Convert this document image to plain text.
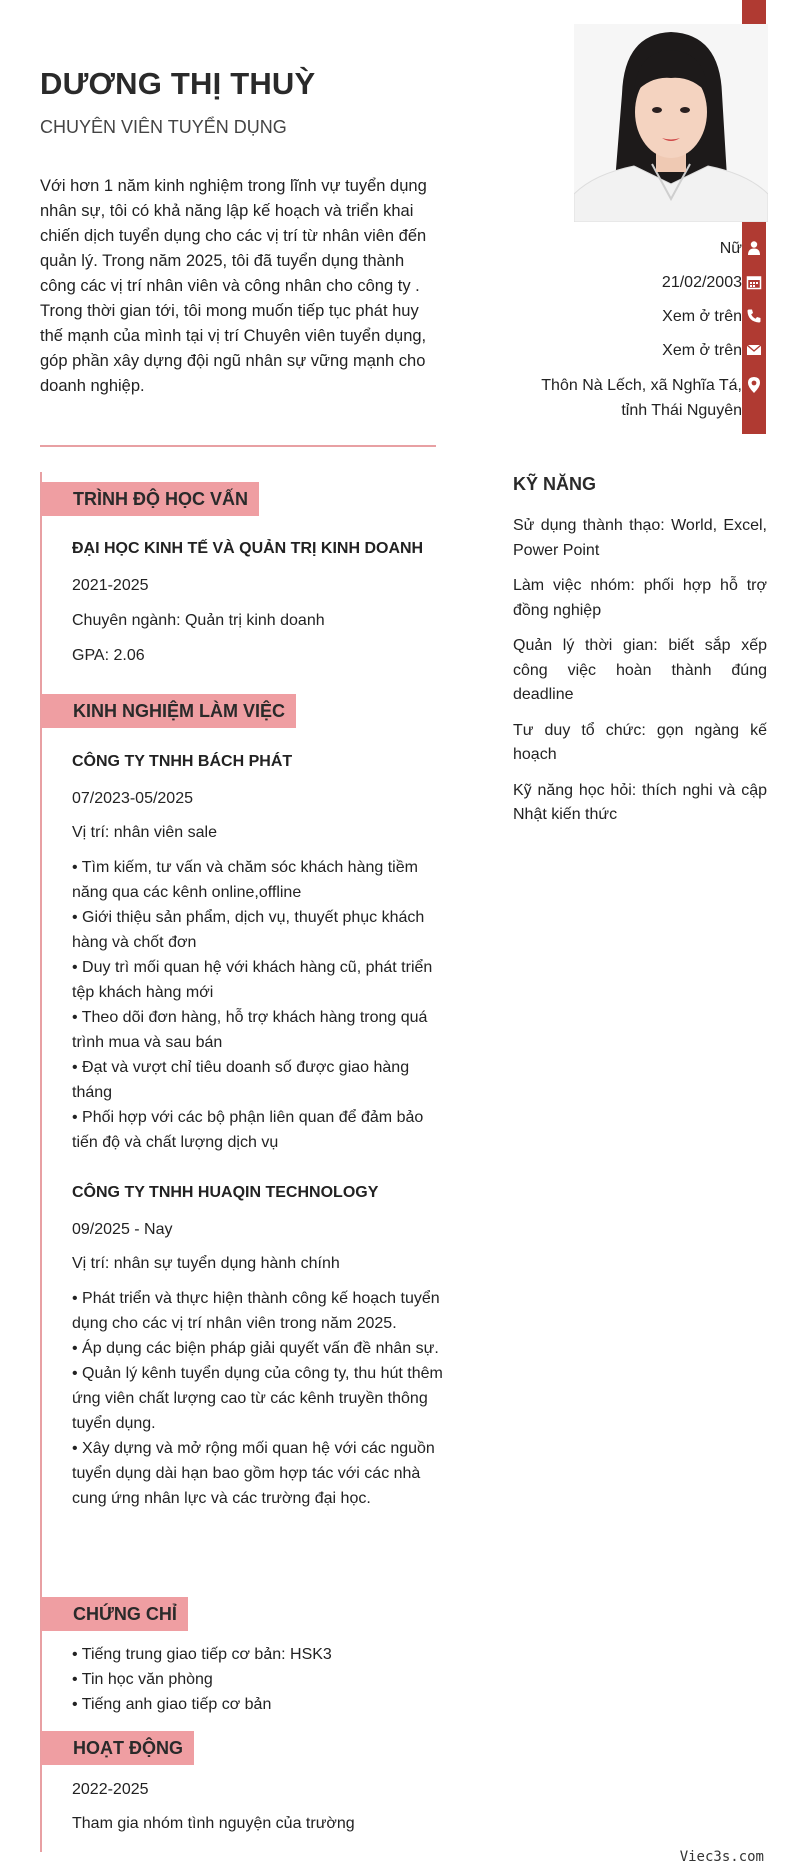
DƯƠNG THỊ THUỲ
CHUYÊN VIÊN TUYỂN DỤNG
Với hơn 1 năm kinh nghiệm trong lĩnh vự tuyển dụng nhân sự, tôi có khả năng lập kế hoạch và triển khai chiến dịch tuyển dụng cho các vị trí từ nhân viên đến quản lý. Trong năm 2025, tôi đã tuyển dụng thành công các vị trí nhân viên và công nhân cho công ty . Trong thời gian tới, tôi mong muốn tiếp tục phát huy thế mạnh của mình tại vị trí Chuyên viên tuyển dụng, góp phần xây dựng đội ngũ nhân sự vững mạnh cho doanh nghiệp.
Nữ
21/02/2003
Xem ở trên
Xem ở trên
Thôn Nà Lếch, xã Nghĩa Tá,
tỉnh Thái Nguyên
TRÌNH ĐỘ HỌC VẤN
ĐẠI HỌC KINH TẾ VÀ QUẢN TRỊ KINH DOANH
2021-2025
Chuyên ngành: Quản trị kinh doanh
GPA: 2.06
KINH NGHIỆM LÀM VIỆC
CÔNG TY TNHH BÁCH PHÁT
07/2023-05/2025
Vị trí: nhân viên sale
• Tìm kiếm, tư vấn và chăm sóc khách hàng tiềm năng qua các kênh online,offline
• Giới thiệu sản phẩm, dịch vụ, thuyết phục khách hàng và chốt đơn
• Duy trì mối quan hệ với khách hàng cũ, phát triển tệp khách hàng mới
• Theo dõi đơn hàng, hỗ trợ khách hàng trong quá trình mua và sau bán
• Đạt và vượt chỉ tiêu doanh số được giao hàng tháng
• Phối hợp với các bộ phận liên quan để đảm bảo tiến độ và chất lượng dịch vụ
CÔNG TY TNHH HUAQIN TECHNOLOGY
09/2025 - Nay
Vị trí: nhân sự tuyển dụng hành chính
• Phát triển và thực hiện thành công kế hoạch tuyển dụng cho các vị trí nhân viên trong năm 2025.
• Áp dụng các biện pháp giải quyết vấn đề nhân sự.
• Quản lý kênh tuyển dụng của công ty, thu hút thêm ứng viên chất lượng cao từ các kênh truyền thông tuyển dụng.
• Xây dựng và mở rộng mối quan hệ với các nguồn tuyển dụng dài hạn bao gồm hợp tác với các nhà cung ứng nhân lực và các trường đại học.
CHỨNG CHỈ
• Tiếng trung giao tiếp cơ bản: HSK3
• Tin học văn phòng
• Tiếng anh giao tiếp cơ bản
HOẠT ĐỘNG
2022-2025
Tham gia nhóm tình nguyện của trường
KỸ NĂNG
Sử dụng thành thạo: World, Excel, Power Point
Làm việc nhóm: phối hợp hỗ trợ đồng nghiệp
Quản lý thời gian: biết sắp xếp công việc hoàn thành đúng deadline
Tư duy tổ chức: gọn ngàng kế hoạch
Kỹ năng học hỏi: thích nghi và cập Nhật kiến thức
Viec3s.com
